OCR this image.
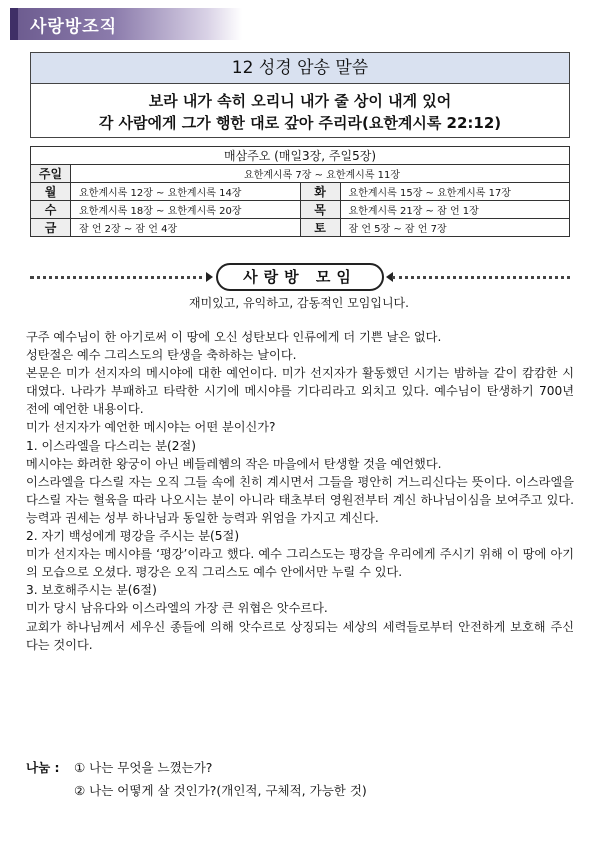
사랑방조직
12 성경 암송 말씀
보라 내가 속히 오리니 내가 줄 상이 내게 있어
각 사람에게 그가 행한 대로 갚아 주리라(요한계시록 22:12)
매삼주오 (매일3장, 주일5장)			
주일	요한계시록 7장 ~ 요한계시록 11장		
월	요한계시록 12장 ~ 요한계시록 14장	화	요한계시록 15장 ~ 요한계시록 17장
수	요한계시록 18장 ~ 요한계시록 20장	목	요한계시록 21장 ~ 잠 언 1장
금	잠 언 2장 ~ 잠 언 4장	토	잠 언 5장 ~ 잠 언 7장
사랑방 모임
재미있고, 유익하고, 감동적인 모임입니다.

구주 예수님이 한 아기로써 이 땅에 오신 성탄보다 인류에게 더 기쁜 날은 없다.

성탄절은 예수 그리스도의 탄생을 축하하는 날이다.

본문은 미가 선지자의 메시야에 대한 예언이다. 미가 선지자가 활동했던 시기는 밤하늘 같이 캄캄한 시대였다. 나라가 부패하고 타락한 시기에 메시야를 기다리라고 외치고 있다. 예수님이 탄생하기 700년 전에 예언한 내용이다.

미가 선지자가 예언한 메시야는 어떤 분이신가?

1. 이스라엘을 다스리는 분(2절)

메시야는 화려한 왕궁이 아닌 베들레헴의 작은 마을에서 탄생할 것을 예언했다.

이스라엘을 다스릴 자는 오직 그들 속에 친히 계시면서 그들을 평안히 거느리신다는 뜻이다. 이스라엘을 다스릴 자는 혈육을 따라 나오시는 분이 아니라 태초부터 영원전부터 계신 하나님이심을 보여주고 있다. 능력과 권세는 성부 하나님과 동일한 능력과 위엄을 가지고 계신다.

2. 자기 백성에게 평강을 주시는 분(5절)

미가 선지자는 메시야를 ‘평강’이라고 했다. 예수 그리스도는 평강을 우리에게 주시기 위해 이 땅에 아기의 모습으로 오셨다. 평강은 오직 그리스도 예수 안에서만 누릴 수 있다.

3. 보호해주시는 분(6절)

미가 당시 남유다와 이스라엘의 가장 큰 위협은 앗수르다.

교회가 하나님께서 세우신 종들에 의해 앗수르로 상징되는 세상의 세력들로부터 안전하게 보호해 주신다는 것이다.

나눔 : ① 나는 무엇을 느꼈는가?
② 나는 어떻게 살 것인가?(개인적, 구체적, 가능한 것)
